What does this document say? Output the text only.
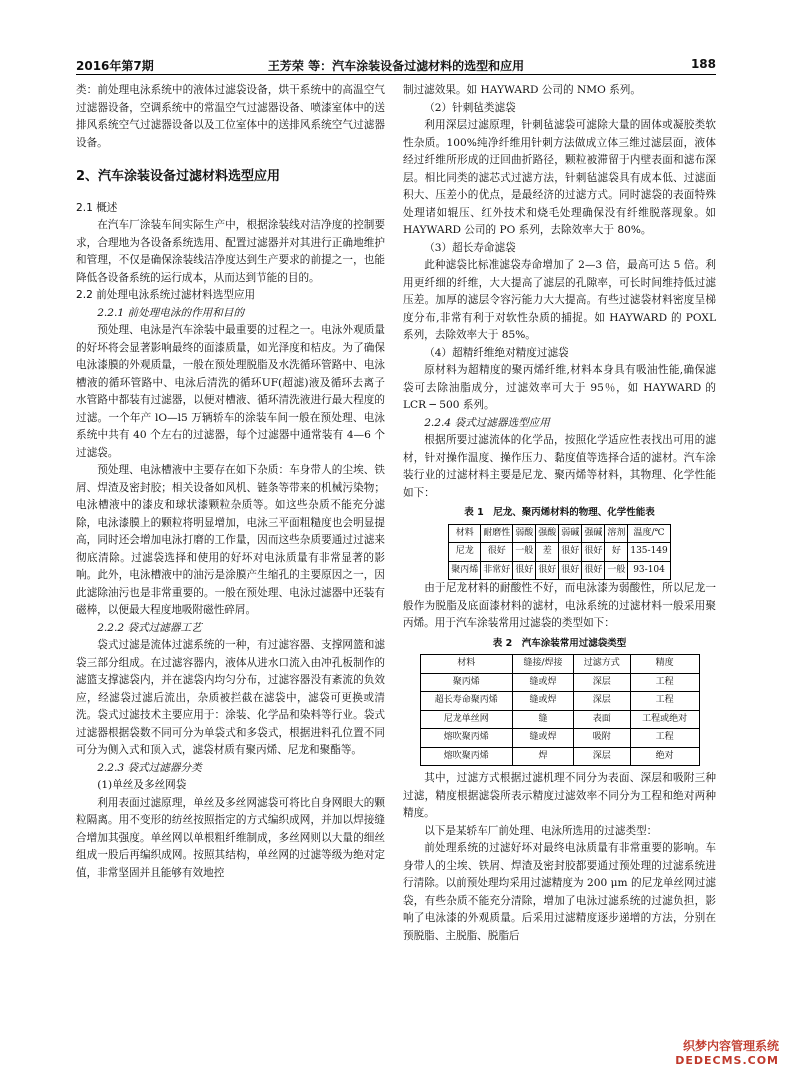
2016年第7期	王芳荣 等：汽车涂装设备过滤材料的选型和应用	188

类：前处理电泳系统中的液体过滤袋设备，烘干系统中的高温空气过滤器设备，空调系统中的常温空气过滤器设备、喷漆室体中的送排风系统空气过滤器设备以及工位室体中的送排风系统空气过滤器设备。

2、汽车涂装设备过滤材料选型应用
2.1 概述

在汽车厂涂装车间实际生产中，根据涂装线对洁净度的控制要求，合理地为各设备系统选用、配置过滤器并对其进行正确地维护和管理，不仅是确保涂装线洁净度达到生产要求的前提之一，也能降低各设备系统的运行成本，从而达到节能的目的。

2.2 前处理电泳系统过滤材料选型应用
2.2.1 前处理电泳的作用和目的

预处理、电泳是汽车涂装中最重要的过程之一。电泳外观质量的好坏将会显著影响最终的面漆质量，如光泽度和桔皮。为了确保电泳漆膜的外观质量，一般在预处理脱脂及水洗循环管路中、电泳槽液的循环管路中、电泳后清洗的循环UF(超滤)液及循环去离子水管路中都装有过滤器，以便对槽液、循环清洗液进行最大程度的过滤。一个年产 lO—l5 万辆轿车的涂装车间一般在预处理、电泳系统中共有 40 个左右的过滤器，每个过滤器中通常装有 4—6 个过滤袋。

预处理、电泳槽液中主要存在如下杂质：车身带人的尘埃、铁屑、焊渣及密封胶；相关设备如风机、链条等带来的机械污染物；电泳槽液中的漆皮和球状漆颗粒杂质等。如这些杂质不能充分滤除，电泳漆膜上的颗粒将明显增加，电泳三平面粗糙度也会明显提高，同时还会增加电泳打磨的工作量，因而这些杂质要通过过滤来彻底清除。过滤袋选择和使用的好坏对电泳质量有非常显著的影响。此外，电泳槽液中的油污是涂膜产生缩孔的主要原因之一，因此滤除油污也是非常重要的。一般在预处理、电泳过滤器中还装有磁棒，以便最大程度地吸附磁性碎屑。

2.2.2 袋式过滤器工艺

袋式过滤是流体过滤系统的一种，有过滤容器、支撑网篮和滤袋三部分组成。在过滤容器内，液体从进水口流入由冲孔板制作的滤篮支撑滤袋内，并在滤袋内均匀分布，过滤容器没有紊流的负效应，经滤袋过滤后流出，杂质被拦截在滤袋中，滤袋可更换或清洗。袋式过滤技术主要应用于：涂装、化学品和染料等行业。袋式过滤器根据袋数不同可分为单袋式和多袋式，根据进料孔位置不同可分为侧入式和顶入式，滤袋材质有聚丙烯、尼龙和聚酯等。

2.2.3 袋式过滤器分类
(1)单丝及多丝网袋

利用表面过滤原理，单丝及多丝网滤袋可将比自身网眼大的颗粒隔离。用不变形的纺丝按照指定的方式编织成网，并加以焊接缝合增加其强度。单丝网以单根粗纤维制成，多丝网则以大量的细丝组成一股后再编织成网。按照其结构，单丝网的过滤等级为绝对定值，非常坚固并且能够有效地控

制过滤效果。如 HAYWARD 公司的 NMO 系列。

（2）针刺毡类滤袋

利用深层过滤原理，针刺毡滤袋可滤除大量的固体或凝胶类软性杂质。100%纯净纤维用针刺方法做成立体三维过滤层面，液体经过纤维所形成的迂回曲折路径，颗粒被滞留于内壁表面和滤布深层。相比同类的滤芯式过滤方法，针刺毡滤袋具有成本低、过滤面积大、压差小的优点，是最经济的过滤方式。同时滤袋的表面特殊处理诸如辊压、红外技术和烧毛处理确保没有纤维脱落现象。如 HAYWARD 公司的 PO 系列，去除效率大于 80%。

（3）超长寿命滤袋

此种滤袋比标准滤袋寿命增加了 2—3 倍，最高可达 5 倍。利用更纤细的纤维，大大提高了滤层的孔隙率，可长时间维持低过滤压差。加厚的滤层令容污能力大大提高。有些过滤袋材料密度呈梯度分布,非常有利于对软性杂质的捕捉。如 HAYWARD 的 POXL 系列，去除效率大于 85%。

（4）超精纤维绝对精度过滤袋

原材料为超精度的聚丙烯纤维,材料本身具有吸油性能,确保滤袋可去除油脂成分，过滤效率可大于 95％，如 HAYWARD 的 LCR ─ 500 系列。

2.2.4 袋式过滤器选型应用

根据所要过滤流体的化学品，按照化学适应性表找出可用的滤材，针对操作温度、操作压力、黏度值等选择合适的滤材。汽车涂装行业的过滤材料主要是尼龙、聚丙烯等材料，其物理、化学性能如下：

表 1　尼龙、聚丙烯材料的物理、化学性能表
材料	耐磨性	弱酸	强酸	弱碱	强碱	溶剂	温度/℃
尼龙	很好	一般	差	很好	很好	好	135-149
聚丙烯	非常好	很好	很好	很好	很好	一般	93-104

由于尼龙材料的耐酸性不好，而电泳漆为弱酸性，所以尼龙一般作为脱脂及底面漆材料的滤材，电泳系统的过滤材料一般采用聚丙烯。用于汽车涂装常用过滤袋的类型如下：

表 2　汽车涂装常用过滤袋类型
材料	缝接/焊接	过滤方式	精度
聚丙烯	缝或焊	深层	工程
超长寿命聚丙烯	缝或焊	深层	工程
尼龙单丝网	缝	表面	工程或绝对
熔吹聚丙烯	缝或焊	吸附	工程
熔吹聚丙烯	焊	深层	绝对

其中，过滤方式根据过滤机理不同分为表面、深层和吸附三种过滤，精度根据滤袋所表示精度过滤效率不同分为工程和绝对两种精度。

以下是某轿车厂前处理、电泳所选用的过滤类型：

前处理系统的过滤好坏对最终电泳质量有非常重要的影响。车身带人的尘埃、铁屑、焊渣及密封胶都要通过预处理的过滤系统进行清除。以前预处理均采用过滤精度为 200 μm 的尼龙单丝网过滤袋，有些杂质不能充分清除，增加了电泳过滤系统的过滤负担，影响了电泳漆的外观质量。后采用过滤精度逐步递增的方法，分别在预脱脂、主脱脂、脱脂后

织梦内容管理系统
DEDECMS.COM
